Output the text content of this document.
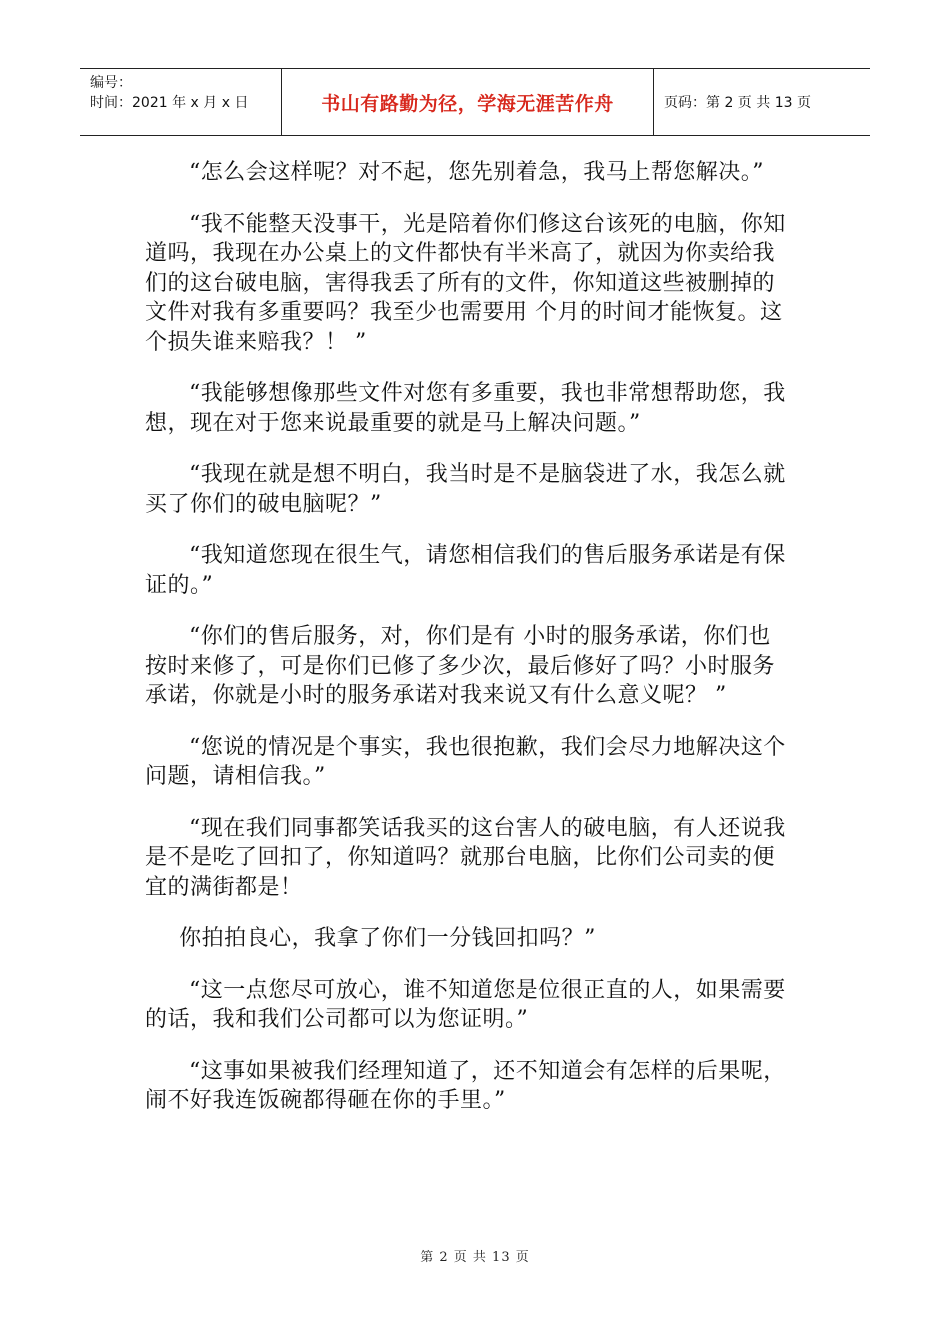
编号：
时间：2021 年 x 月 x 日	书山有路勤为径，学海无涯苦作舟	页码：第 2 页 共 13 页

“怎么会这样呢？对不起，您先别着急，我马上帮您解决。”

“我不能整天没事干，光是陪着你们修这台该死的电脑，你知道吗，我现在办公桌上的文件都快有半米高了，就因为你卖给我们的这台破电脑，害得我丢了所有的文件，你知道这些被删掉的文件对我有多重要吗？我至少也需要用 个月的时间才能恢复。这个损失谁来赔我？！ ”

“我能够想像那些文件对您有多重要，我也非常想帮助您，我想，现在对于您来说最重要的就是马上解决问题。”

“我现在就是想不明白，我当时是不是脑袋进了水，我怎么就买了你们的破电脑呢？”

“我知道您现在很生气，请您相信我们的售后服务承诺是有保证的。”

“你们的售后服务，对，你们是有 小时的服务承诺，你们也按时来修了，可是你们已修了多少次，最后修好了吗？小时服务承诺，你就是小时的服务承诺对我来说又有什么意义呢？ ”

“您说的情况是个事实，我也很抱歉，我们会尽力地解决这个问题，请相信我。”

“现在我们同事都笑话我买的这台害人的破电脑，有人还说我是不是吃了回扣了，你知道吗？就那台电脑，比你们公司卖的便宜的满街都是！

你拍拍良心，我拿了你们一分钱回扣吗？”

“这一点您尽可放心，谁不知道您是位很正直的人，如果需要的话，我和我们公司都可以为您证明。”

“这事如果被我们经理知道了，还不知道会有怎样的后果呢，闹不好我连饭碗都得砸在你的手里。”

第 2 页 共 13 页
